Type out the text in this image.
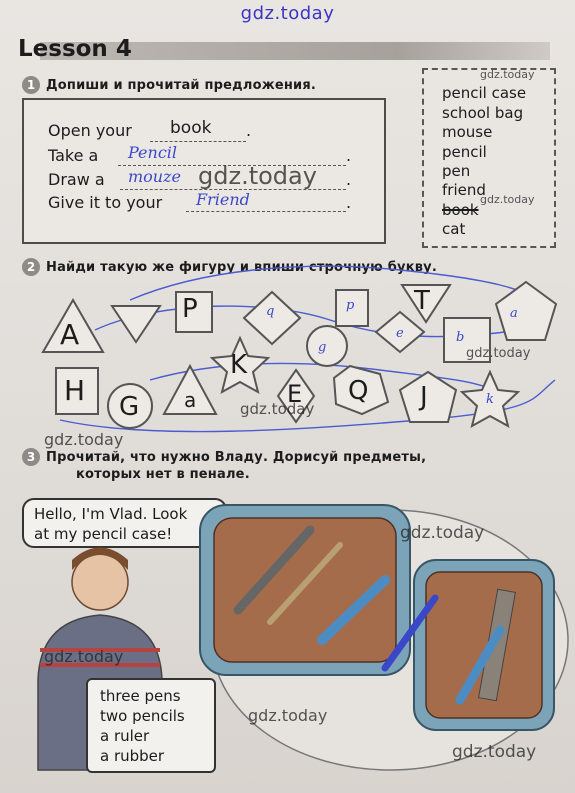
gdz.today
Lesson 4
1 Допиши и прочитай предложения.
Open your book .
Take a Pencil	.
Draw a mouze	.
Give it to your Friend	.
pencil case
school bag
mouse
pencil
pen
friend
book
cat
2 Найди такую же фигуру и впиши строчную букву.
A
P	T
H G a
K
E Q J
q	p
e
g
b
a
k
3 Прочитай, что нужно Владу. Дорисуй предметы,
которых нет в пенале.
Hello, I'm Vlad. Look
at my pencil case!
three pens
two pencils
a ruler
a rubber
gdz.today
gdz.today
gdz.today
gdz.today
gdz.today
gdz.today
gdz.today
gdz.today
gdz.today
gdz.today
